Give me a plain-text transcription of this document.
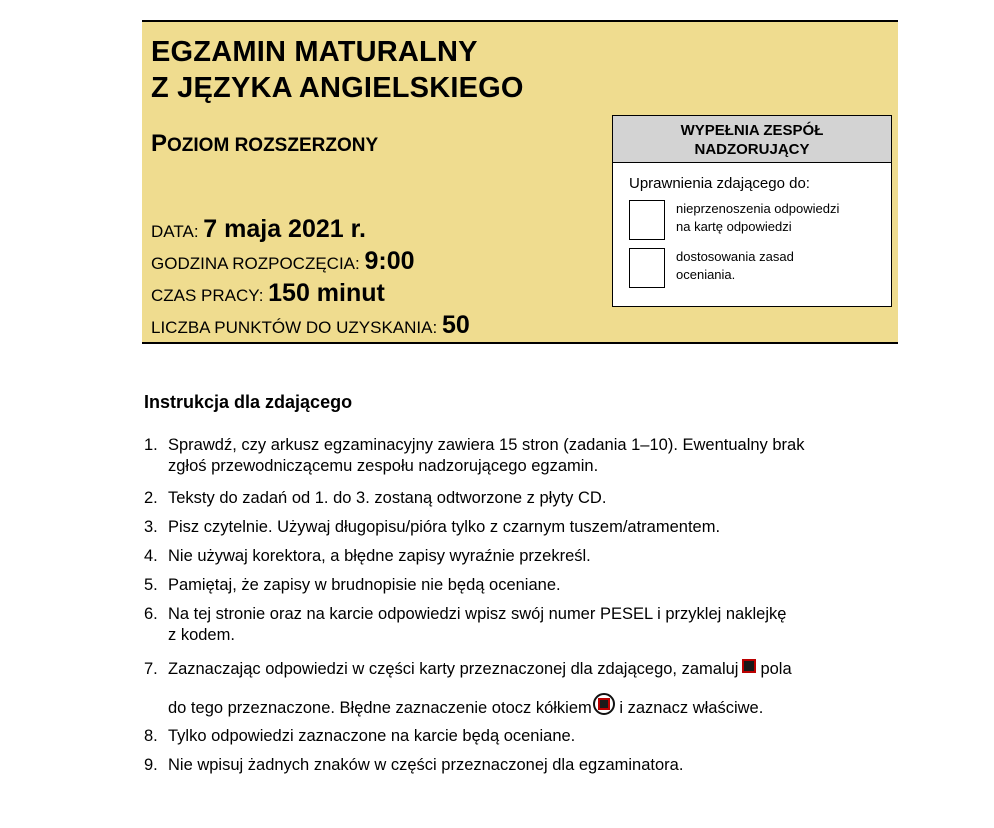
EGZAMIN MATURALNY
Z JĘZYKA ANGIELSKIEGO
POZIOM ROZSZERZONY
DATA: 7 maja 2021 r.
GODZINA ROZPOCZĘCIA: 9:00
CZAS PRACY: 150 minut
LICZBA PUNKTÓW DO UZYSKANIA: 50
WYPEŁNIA ZESPÓŁ
NADZORUJĄCY
Uprawnienia zdającego do:
nieprzenoszenia odpowiedzi
na kartę odpowiedzi
dostosowania zasad
oceniania.
Instrukcja dla zdającego
1. Sprawdź, czy arkusz egzaminacyjny zawiera 15 stron (zadania 1–10). Ewentualny brak
zgłoś przewodniczącemu zespołu nadzorującego egzamin.
2. Teksty do zadań od 1. do 3. zostaną odtworzone z płyty CD.
3. Pisz czytelnie. Używaj długopisu/pióra tylko z czarnym tuszem/atramentem.
4. Nie używaj korektora, a błędne zapisy wyraźnie przekreśl.
5. Pamiętaj, że zapisy w brudnopisie nie będą oceniane.
6. Na tej stronie oraz na karcie odpowiedzi wpisz swój numer PESEL i przyklej naklejkę
z kodem.
7. Zaznaczając odpowiedzi w części karty przeznaczonej dla zdającego, zamaluj pola
do tego przeznaczone. Błędne zaznaczenie otocz kółkiem
i zaznacz właściwe.
8. Tylko odpowiedzi zaznaczone na karcie będą oceniane.
9. Nie wpisuj żadnych znaków w części przeznaczonej dla egzaminatora.
